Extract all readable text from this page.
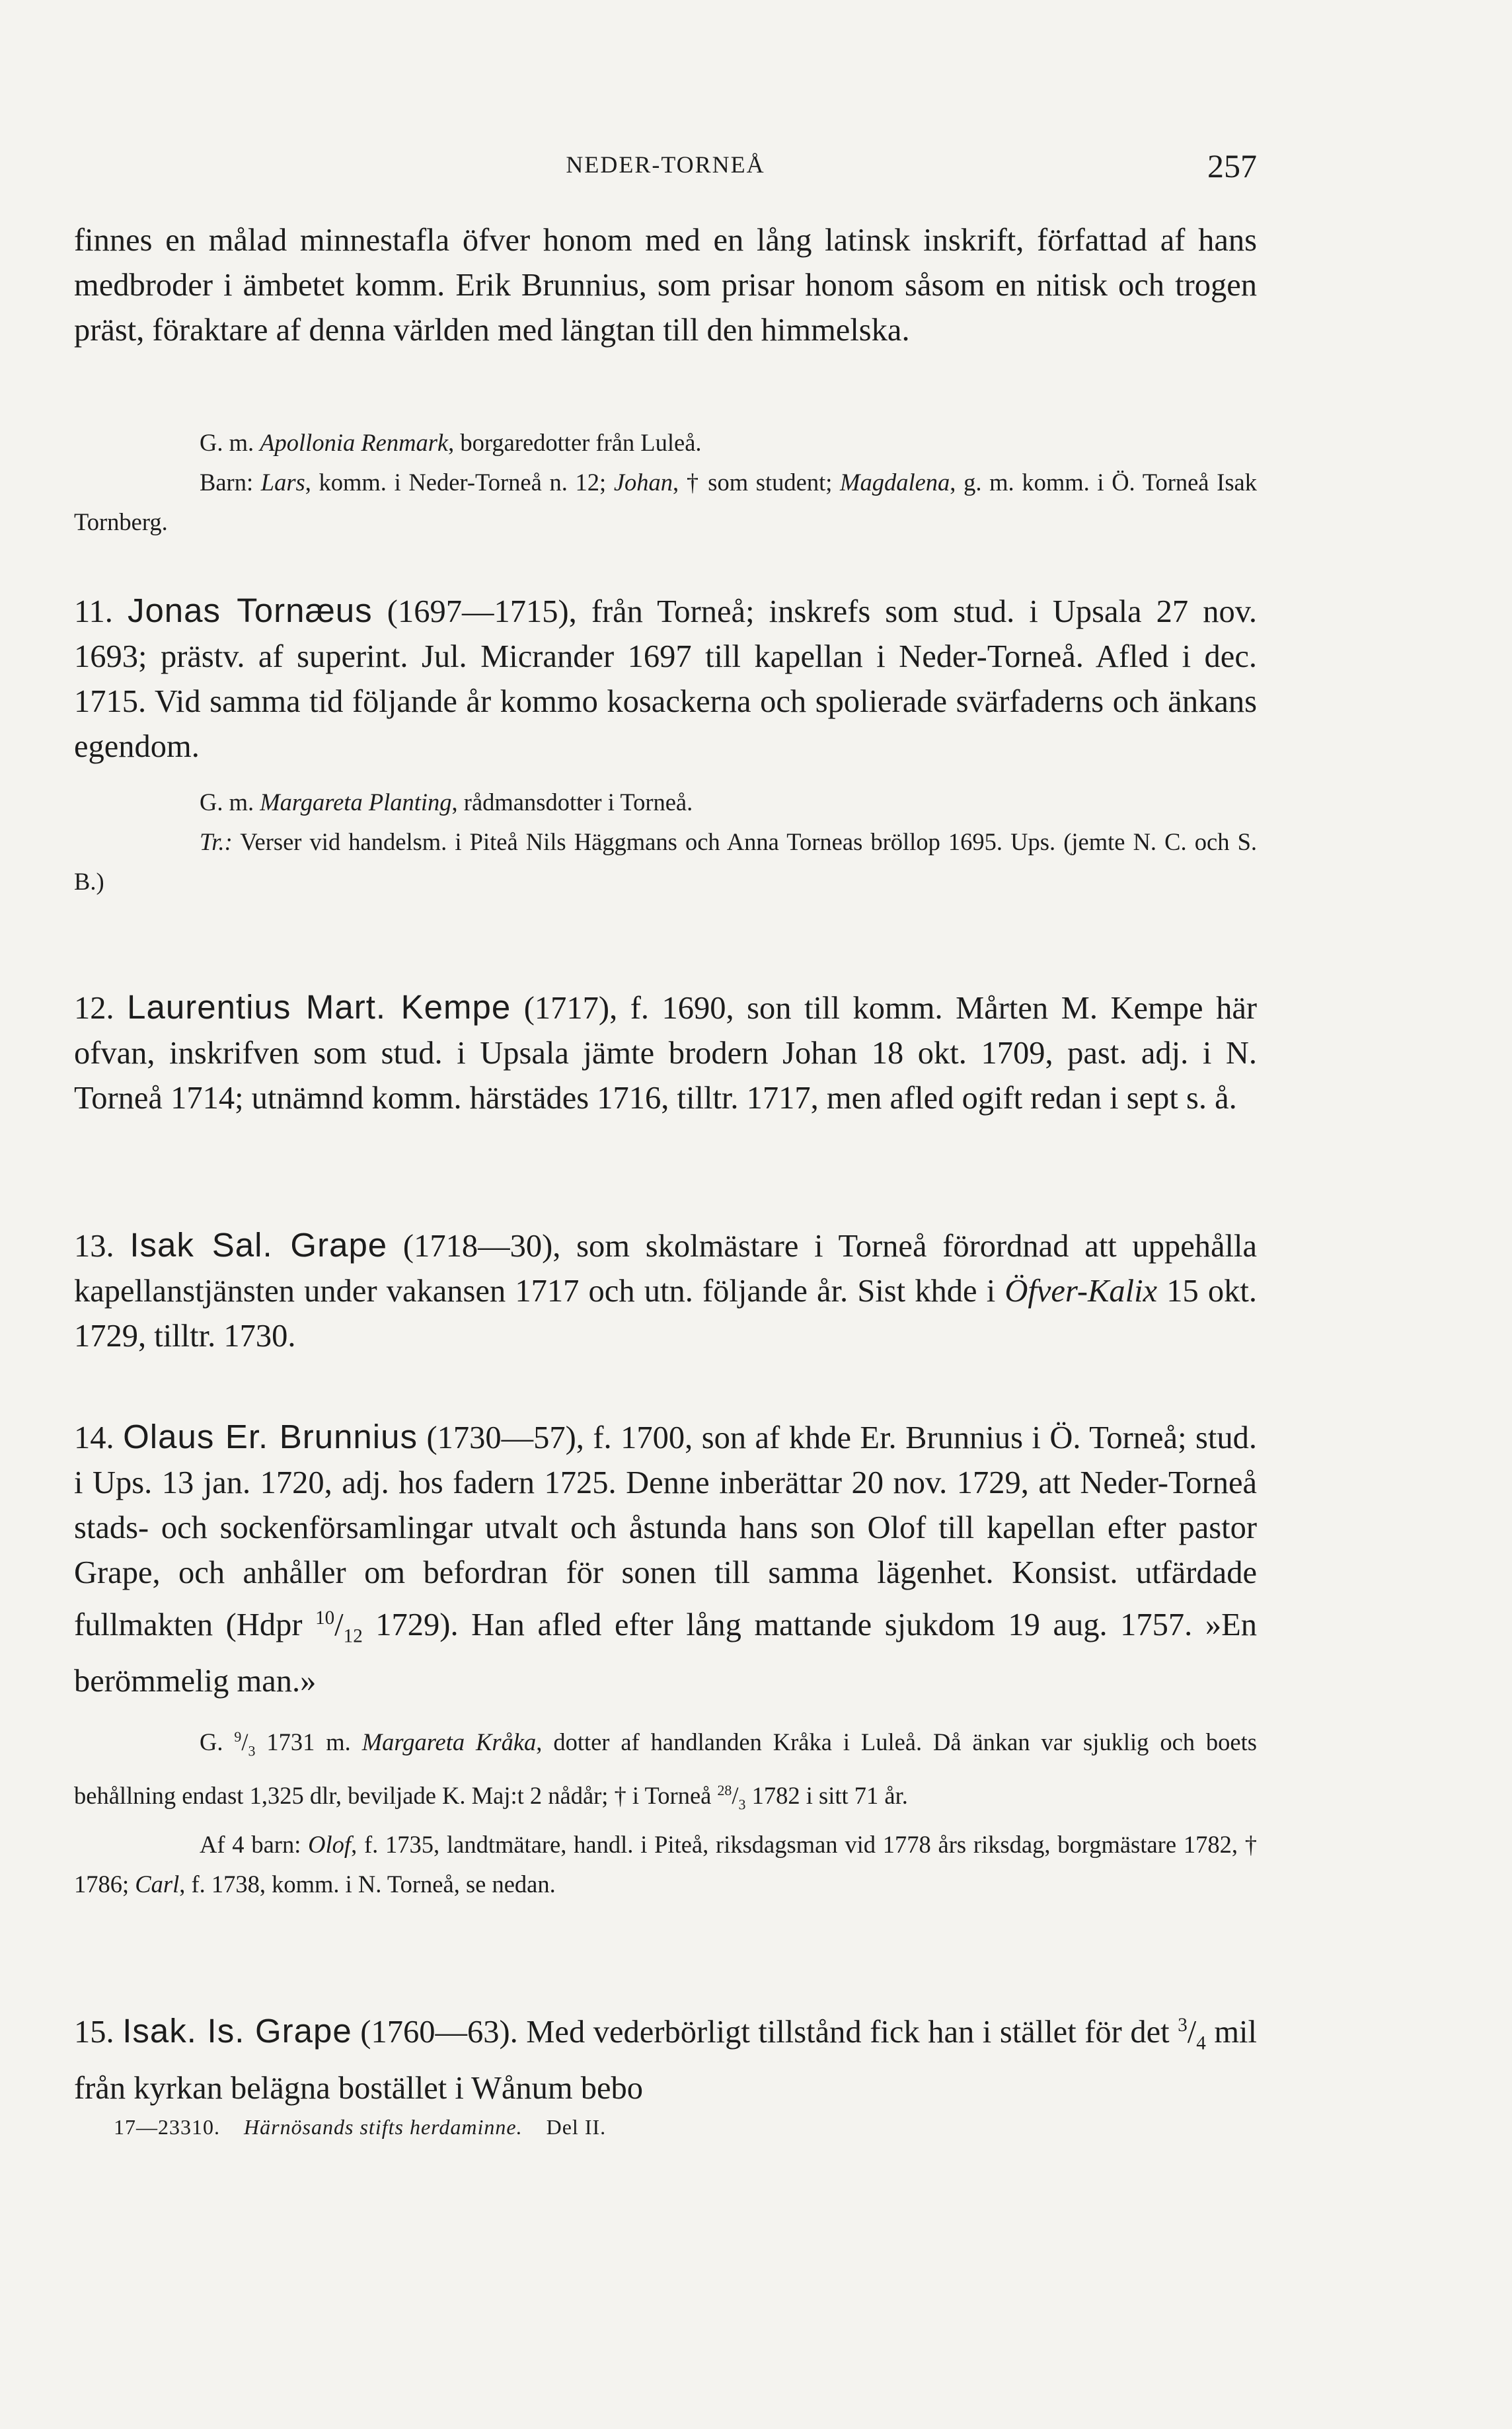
NEDER-TORNEÅ	257

finnes en målad minnestafla öfver honom med en lång latinsk inskrift, författad af hans medbroder i ämbetet komm. Erik Brunnius, som prisar honom såsom en nitisk och trogen präst, föraktare af denna världen med längtan till den himmelska.

G. m. Apollonia Renmark, borgaredotter från Luleå.

Barn: Lars, komm. i Neder-Torneå n. 12; Johan, † som student; Magdalena, g. m. komm. i Ö. Torneå Isak Tornberg.

11. Jonas Tornæus (1697—1715), från Torneå; inskrefs som stud. i Upsala 27 nov. 1693; prästv. af superint. Jul. Micrander 1697 till kapellan i Neder-Torneå. Afled i dec. 1715. Vid samma tid följande år kommo kosackerna och spolierade svärfaderns och änkans egendom.

G. m. Margareta Planting, rådmansdotter i Torneå.

Tr.: Verser vid handelsm. i Piteå Nils Häggmans och Anna Torneas bröllop 1695. Ups. (jemte N. C. och S. B.)

12. Laurentius Mart. Kempe (1717), f. 1690, son till komm. Mårten M. Kempe här ofvan, inskrifven som stud. i Upsala jämte brodern Johan 18 okt. 1709, past. adj. i N. Torneå 1714; utnämnd komm. härstädes 1716, tilltr. 1717, men afled ogift redan i sept s. å.

13. Isak Sal. Grape (1718—30), som skolmästare i Torneå förordnad att uppehålla kapellanstjänsten under vakansen 1717 och utn. följande år. Sist khde i Öfver-Kalix 15 okt. 1729, tilltr. 1730.

14. Olaus Er. Brunnius (1730—57), f. 1700, son af khde Er. Brunnius i Ö. Torneå; stud. i Ups. 13 jan. 1720, adj. hos fadern 1725. Denne inberättar 20 nov. 1729, att Neder-Torneå stads- och sockenförsamlingar utvalt och åstunda hans son Olof till kapellan efter pastor Grape, och anhåller om befordran för sonen till samma lägenhet. Konsist. utfärdade fullmakten (Hdpr $^{10}/_{12}$ 1729). Han afled efter lång mattande sjukdom 19 aug. 1757. »En berömmelig man.»

G. $^9/_3$ 1731 m. Margareta Kråka, dotter af handlanden Kråka i Luleå. Då änkan var sjuklig och boets behållning endast 1,325 dlr, beviljade K. Maj:t 2 nådår; † i Torneå $^{28}/_3$ 1782 i sitt 71 år.

Af 4 barn: Olof, f. 1735, landtmätare, handl. i Piteå, riksdagsman vid 1778 års riksdag, borgmästare 1782, † 1786; Carl, f. 1738, komm. i N. Torneå, se nedan.

15. Isak. Is. Grape (1760—63). Med vederbörligt tillstånd fick han i stället för $\det ^3/_4$ mil från kyrkan belägna bostället i Wånum bebo

17—23310. Härnösands stifts herdaminne. Del II.
